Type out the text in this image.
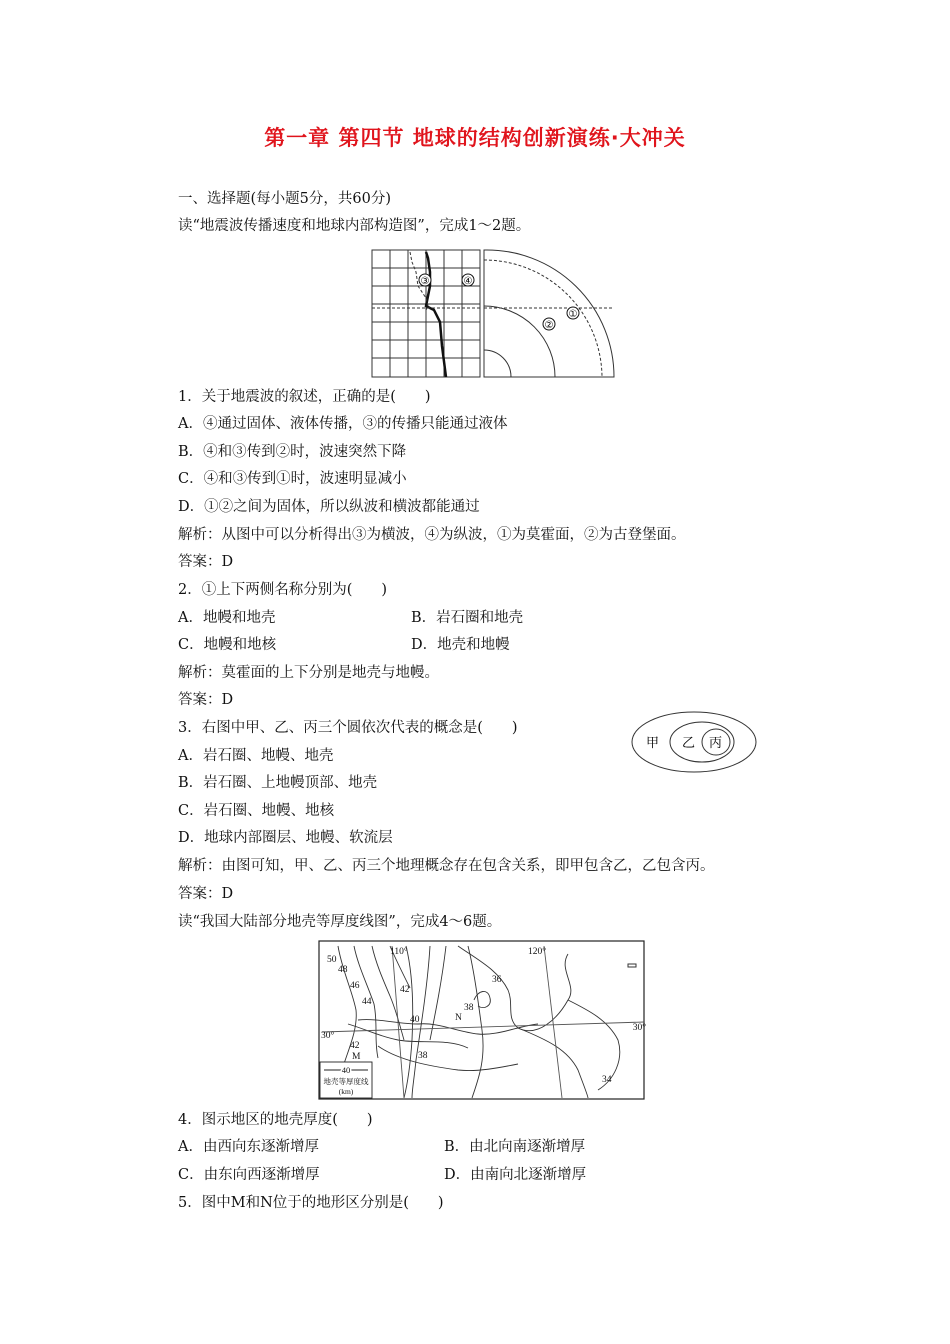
第一章 第四节 地球的结构创新演练·大冲关
一、选择题(每小题5分，共60分)
读“地震波传播速度和地球内部构造图”，完成1～2题。
③	④
②
①
1．关于地震波的叙述，正确的是(　　)
A．④通过固体、液体传播，③的传播只能通过液体
B．④和③传到②时，波速突然下降
C．④和③传到①时，波速明显减小
D．①②之间为固体，所以纵波和横波都能通过
解析：从图中可以分析得出③为横波，④为纵波，①为莫霍面，②为古登堡面。
答案：D
2．①上下两侧名称分别为(　　)
A．地幔和地壳	B．岩石圈和地壳
C．地幔和地核	D．地壳和地幔
解析：莫霍面的上下分别是地壳与地幔。
答案：D
3．右图中甲、乙、丙三个圆依次代表的概念是(　　)
甲 乙 丙
A．岩石圈、地幔、地壳
B．岩石圈、上地幔顶部、地壳
C．岩石圈、地幔、地核
D．地球内部圈层、地幔、软流层
解析：由图可知，甲、乙、丙三个地理概念存在包含关系，即甲包含乙，乙包含丙。
答案：D
读“我国大陆部分地壳等厚度线图”，完成4～6题。
50
48
46
44
42
40
36
38
42
38
34
110°	120°
30°
30°
N
M
40
地壳等厚度线
(km)
4．图示地区的地壳厚度(　　)
A．由西向东逐渐增厚	B．由北向南逐渐增厚
C．由东向西逐渐增厚	D．由南向北逐渐增厚
5．图中M和N位于的地形区分别是(　　)
